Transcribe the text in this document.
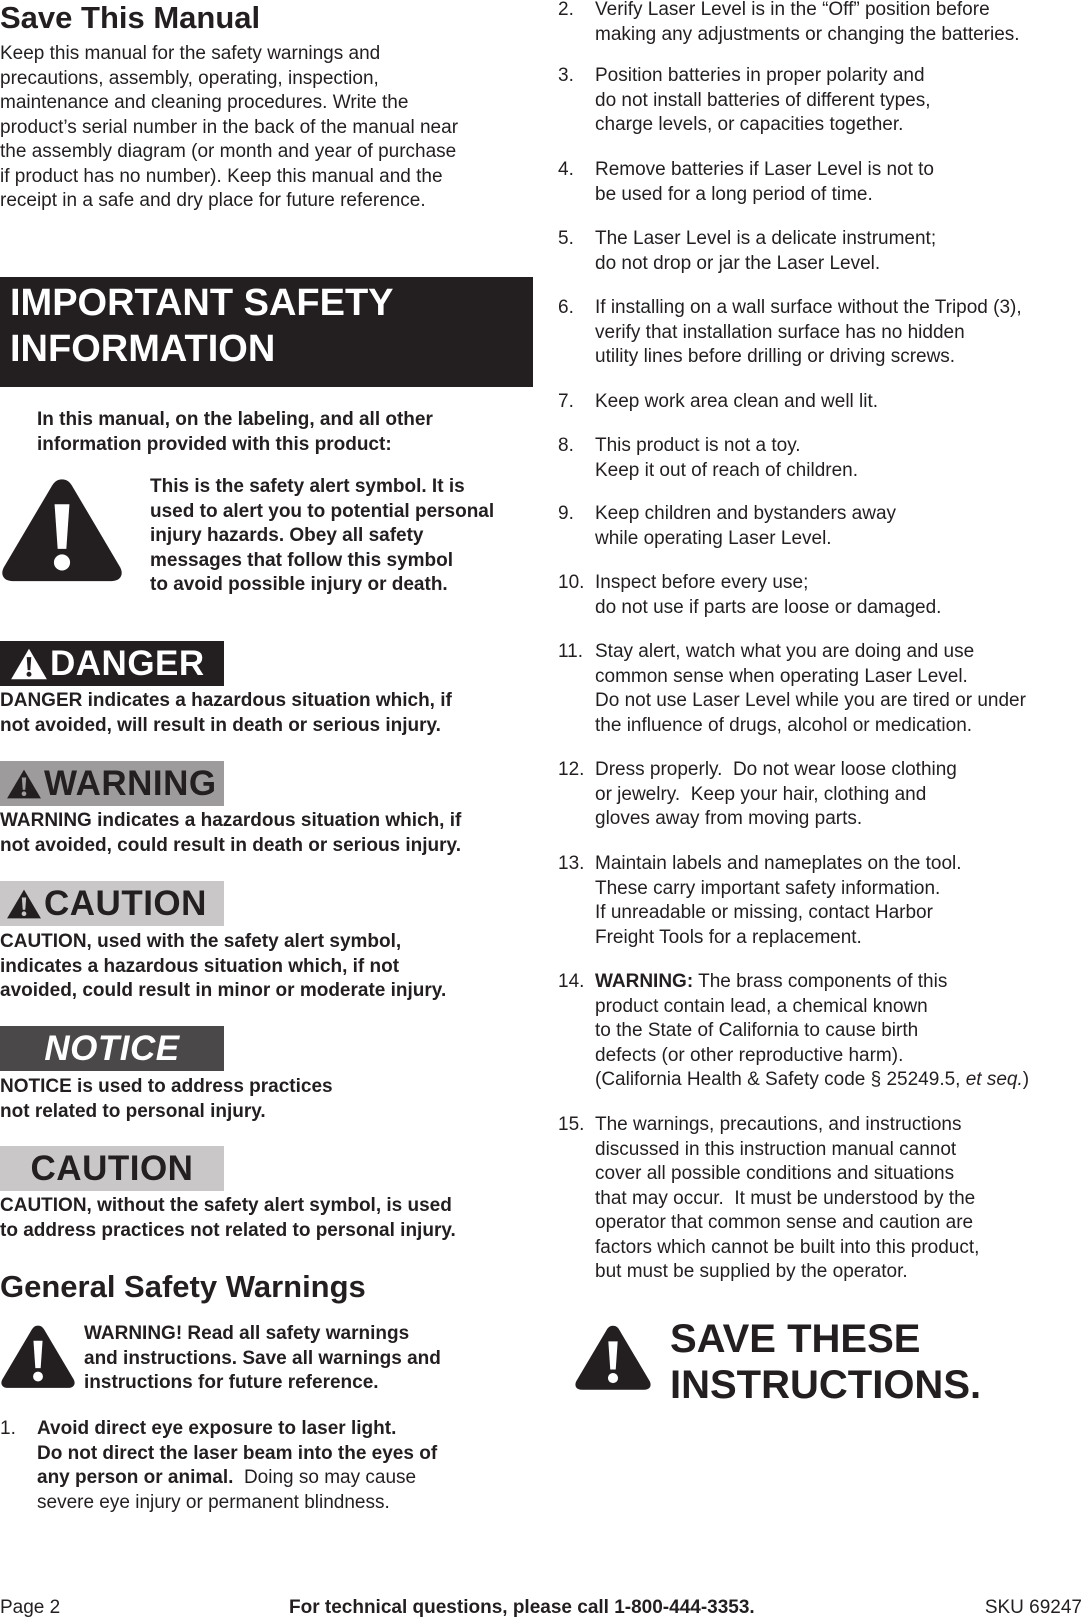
Save This Manual
Keep this manual for the safety warnings and
precautions, assembly, operating, inspection,
maintenance and cleaning procedures. Write the
product’s serial number in the back of the manual near
the assembly diagram (or month and year of purchase
if product has no number). Keep this manual and the
receipt in a safe and dry place for future reference.
IMPORTANT SAFETY
INFORMATION
In this manual, on the labeling, and all other
information provided with this product:
This is the safety alert symbol. It is
used to alert you to potential personal
injury hazards. Obey all safety
messages that follow this symbol
to avoid possible injury or death.
DANGER
DANGER indicates a hazardous situation which, if
not avoided, will result in death or serious injury.
WARNING
WARNING indicates a hazardous situation which, if
not avoided, could result in death or serious injury.
CAUTION
CAUTION, used with the safety alert symbol,
indicates a hazardous situation which, if not
avoided, could result in minor or moderate injury.
NOTICE
NOTICE is used to address practices
not related to personal injury.
CAUTION
CAUTION, without the safety alert symbol, is used
to address practices not related to personal injury.
General Safety Warnings
WARNING! Read all safety warnings
and instructions. Save all warnings and
instructions for future reference.
1. Avoid direct eye exposure to laser light.
Do not direct the laser beam into the eyes of
any person or animal.  Doing so may cause
severe eye injury or permanent blindness.
2. Verify Laser Level is in the “Off” position before
making any adjustments or changing the batteries.
3. Position batteries in proper polarity and
do not install batteries of different types,
charge levels, or capacities together.
4. Remove batteries if Laser Level is not to
be used for a long period of time.
5. The Laser Level is a delicate instrument;
do not drop or jar the Laser Level.
6. If installing on a wall surface without the Tripod (3),
verify that installation surface has no hidden
utility lines before drilling or driving screws.
7. Keep work area clean and well lit.
8. This product is not a toy.
Keep it out of reach of children.
9. Keep children and bystanders away
while operating Laser Level.
10. Inspect before every use;
do not use if parts are loose or damaged.
11. Stay alert, watch what you are doing and use
common sense when operating Laser Level.
Do not use Laser Level while you are tired or under
the influence of drugs, alcohol or medication.
12. Dress properly.  Do not wear loose clothing
or jewelry.  Keep your hair, clothing and
gloves away from moving parts.
13. Maintain labels and nameplates on the tool.
These carry important safety information.
If unreadable or missing, contact Harbor
Freight Tools for a replacement.
14. WARNING: The brass components of this
product contain lead, a chemical known
to the State of California to cause birth
defects (or other reproductive harm).
(California Health & Safety code § 25249.5, et seq.)
15. The warnings, precautions, and instructions
discussed in this instruction manual cannot
cover all possible conditions and situations
that may occur.  It must be understood by the
operator that common sense and caution are
factors which cannot be built into this product,
but must be supplied by the operator.
SAVE THESE
INSTRUCTIONS.
Page 2	For technical questions, please call 1-800-444-3353.	SKU 69247
